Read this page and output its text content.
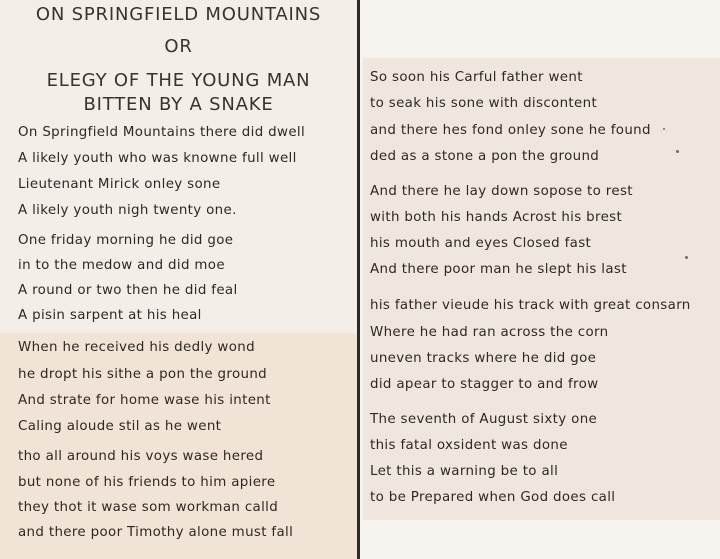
ON SPRINGFIELD MOUNTAINS
OR
ELEGY OF THE YOUNG MAN
BITTEN BY A SNAKE
On Springfield Mountains there did dwell
A likely youth who was knowne full well
Lieutenant Mirick onley sone
A likely youth nigh twenty one.
One friday morning he did goe
in to the medow and did moe
A round or two then he did feal
A pisin sarpent at his heal
When he received his dedly wond
he dropt his sithe a pon the ground
And strate for home wase his intent
Caling aloude stil as he went
tho all around his voys wase hered
but none of his friends to him apiere
they thot it wase som workman calld
and there poor Timothy alone must fall
So soon his Carful father went
to seak his sone with discontent
and there hes fond onley sone he found
ded as a stone a pon the ground
And there he lay down sopose to rest
with both his hands Acrost his brest
his mouth and eyes Closed fast
And there poor man he slept his last
his father vieude his track with great consarn
Where he had ran across the corn
uneven tracks where he did goe
did apear to stagger to and frow
The seventh of August sixty one
this fatal oxsident was done
Let this a warning be to all
to be Prepared when God does call
